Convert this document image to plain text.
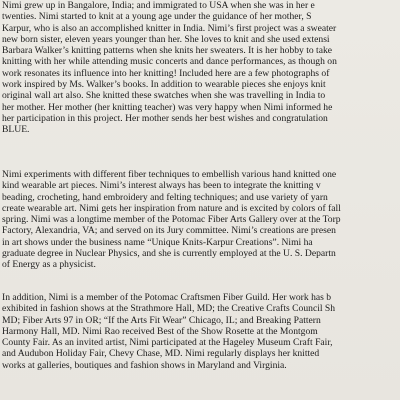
Nimi grew up in Bangalore, India; and immigrated to USA when she was in her e
twenties. Nimi started to knit at a young age under the guidance of her mother, S
Karpur, who is also an accomplished knitter in India. Nimi’s first project was a sweater
new born sister, eleven years younger than her. She loves to knit and she used extensi
Barbara Walker’s knitting patterns when she knits her sweaters. It is her hobby to take
knitting with her while attending music concerts and dance performances, as though on
work resonates its influence into her knitting! Included here are a few photographs of
work inspired by Ms. Walker’s books. In addition to wearable pieces she enjoys knit
original wall art also. She knitted these swatches when she was travelling in India to
her mother. Her mother (her knitting teacher) was very happy when Nimi informed he
her participation in this project. Her mother sends her best wishes and congratulation
BLUE.
Nimi experiments with different fiber techniques to embellish various hand knitted one
kind wearable art pieces. Nimi’s interest always has been to integrate the knitting v
beading, crocheting, hand embroidery and felting techniques; and use variety of yarn
create wearable art. Nimi gets her inspiration from nature and is excited by colors of fall
spring. Nimi was a longtime member of the Potomac Fiber Arts Gallery over at the Torp
Factory, Alexandria, VA; and served on its Jury committee. Nimi’s creations are presen
in art shows under the business name “Unique Knits-Karpur Creations”. Nimi ha
graduate degree in Nuclear Physics, and she is currently employed at the U. S. Departn
of Energy as a physicist.
In addition, Nimi is a member of the Potomac Craftsmen Fiber Guild. Her work has b
exhibited in fashion shows at the Strathmore Hall, MD; the Creative Crafts Council Sh
MD; Fiber Arts 97 in OR; “If the Arts Fit Wear” Chicago, IL; and Breaking Pattern
Harmony Hall, MD. Nimi Rao received Best of the Show Rosette at the Montgom
County Fair. As an invited artist, Nimi participated at the Hageley Museum Craft Fair,
and Audubon Holiday Fair, Chevy Chase, MD. Nimi regularly displays her knitted
works at galleries, boutiques and fashion shows in Maryland and Virginia.
